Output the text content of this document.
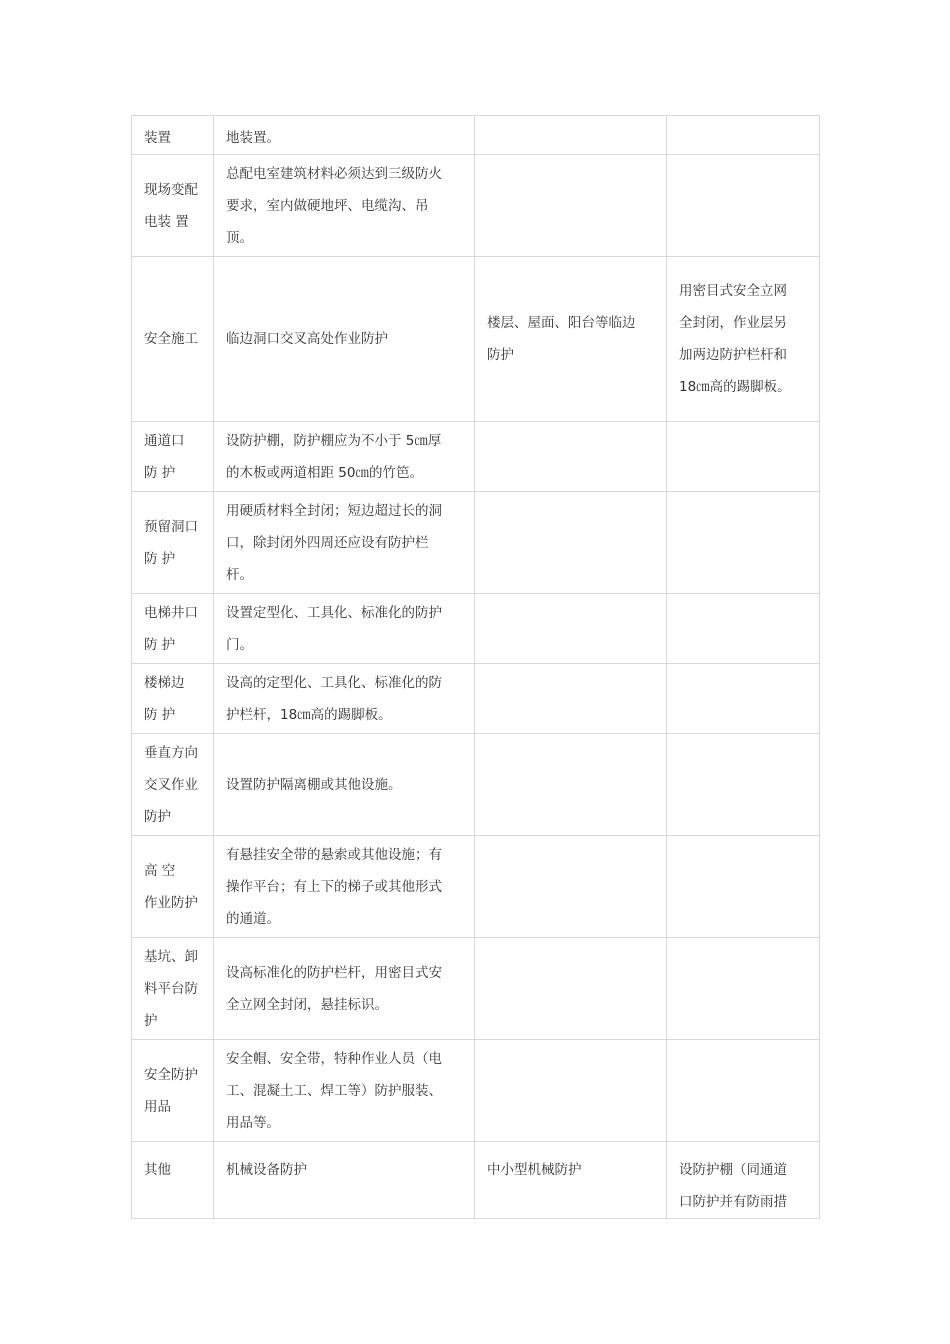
装置	地装置。		

现场变配
电装 置	总配电室建筑材料必须达到三级防火
要求，室内做硬地坪、电缆沟、吊
顶。		

安全施工	临边洞口交叉高处作业防护	楼层、屋面、阳台等临边
防护	用密目式安全立网
全封闭，作业层另
加两边防护栏杆和
18㎝高的踢脚板。

通道口
防 护	设防护棚，防护棚应为不小于 5㎝厚
的木板或两道相距 50㎝的竹笆。		

预留洞口
防 护	用硬质材料全封闭；短边超过长的洞
口，除封闭外四周还应设有防护栏
杆。		

电梯井口
防 护	设置定型化、工具化、标准化的防护
门。		

楼梯边
防 护	设高的定型化、工具化、标准化的防
护栏杆，18㎝高的踢脚板。		

垂直方向
交叉作业
防护	设置防护隔离棚或其他设施。		

高 空
作业防护	有悬挂安全带的悬索或其他设施；有
操作平台；有上下的梯子或其他形式
的通道。		

基坑、卸
料平台防
护	设高标准化的防护栏杆，用密目式安
全立网全封闭，悬挂标识。		

安全防护
用品	安全帽、安全带，特种作业人员（电
工、混凝土工、焊工等）防护服装、
用品等。		

其他	机械设备防护	中小型机械防护	设防护棚（同通道
口防护并有防雨措
